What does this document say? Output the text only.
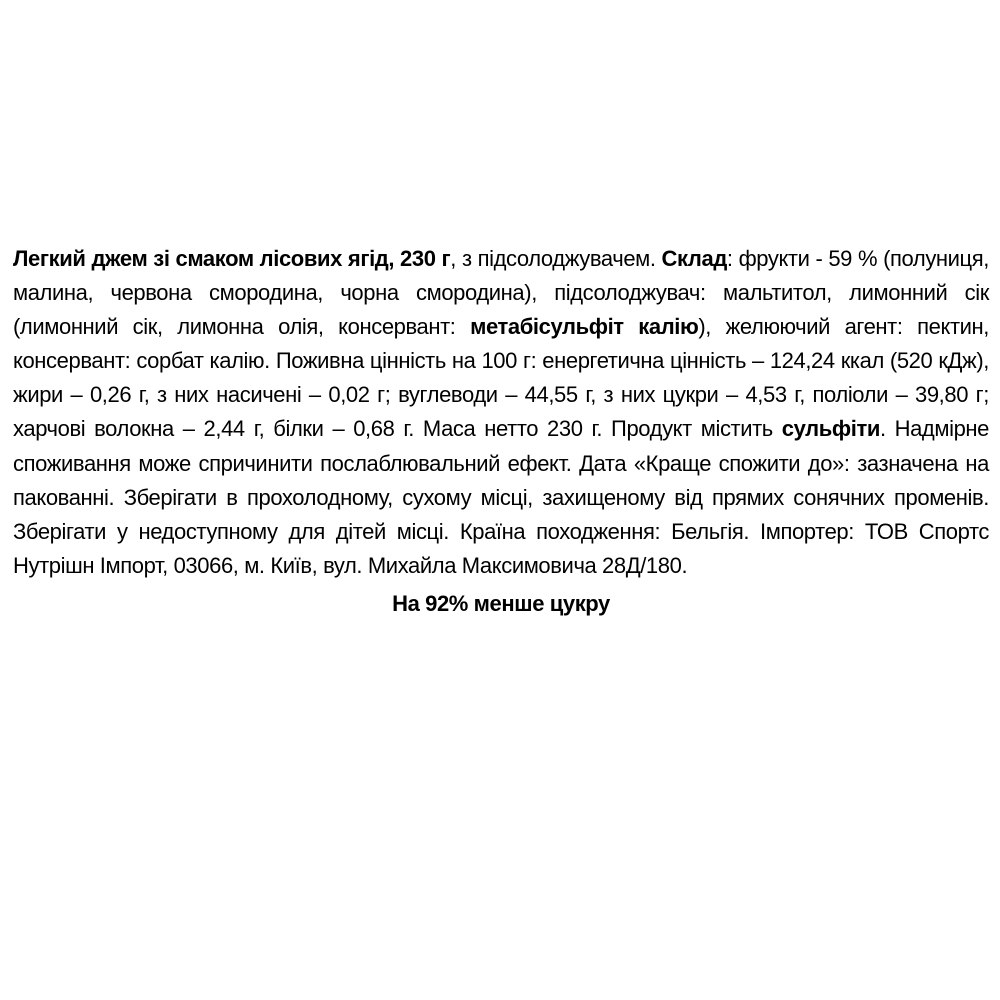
Легкий джем зі смаком лісових ягід, 230 г, з підсолоджувачем. Склад: фрукти - 59 % (полуниця, малина, червона смородина, чорна смородина), підсолоджувач: мальтитол, лимонний сік (лимонний сік, лимонна олія, консервант: метабісульфіт калію), желюючий агент: пектин, консервант: сорбат калію. Поживна цінність на 100 г: енергетична цінність – 124,24 ккал (520 кДж), жири – 0,26 г, з них насичені – 0,02 г; вуглеводи – 44,55 г, з них цукри – 4,53 г, поліоли – 39,80 г; харчові волокна – 2,44 г, білки – 0,68 г. Маса нетто 230 г. Продукт містить сульфіти. Надмірне споживання може спричинити послаблювальний ефект. Дата «Краще спожити до»: зазначена на пакованні. Зберігати в прохолодному, сухому місці, захищеному від прямих сонячних променів. Зберігати у недоступному для дітей місці. Країна походження: Бельгія. Імпортер: ТОВ Спортс Нутрішн Імпорт, 03066, м. Київ, вул. Михайла Максимовича 28Д/180.

На 92% менше цукру
